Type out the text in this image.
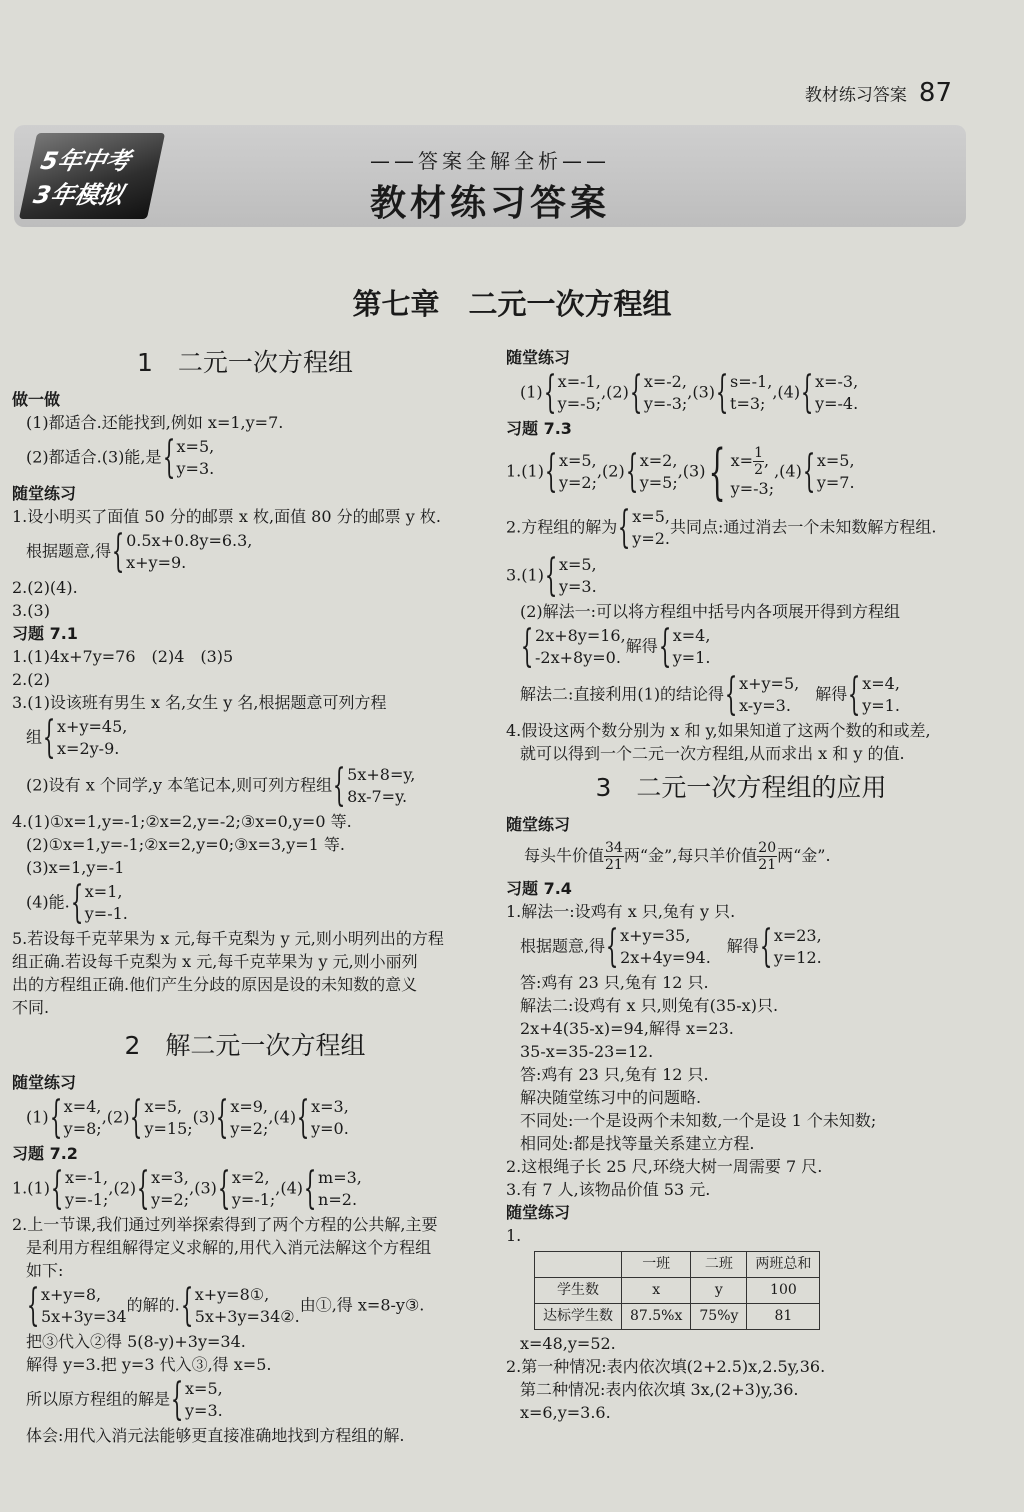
教材练习答案 87
5年中考
3年模拟
——答案全解全析——
教材练习答案
第七章　二元一次方程组
1　二元一次方程组
做一做
(1)都适合.还能找到,例如 x=1,y=7.
(2)都适合.(3)能,是 { x=5,
y=3.
随堂练习
1.设小明买了面值 50 分的邮票 x 枚,面值 80 分的邮票 y 枚.
根据题意,得 { 0.5x+0.8y=6.3,
x+y=9.
2.(2)(4).
3.(3)
习题 7.1
1.(1)4x+7y=76　(2)4　(3)5
2.(2)
3.(1)设该班有男生 x 名,女生 y 名,根据题意可列方程
组 { x+y=45,
x=2y-9.
(2)设有 x 个同学,y 本笔记本,则可列方程组 { 5x+8=y,
8x-7=y.
4.(1)①x=1,y=-1;②x=2,y=-2;③x=0,y=0 等.
(2)①x=1,y=-1;②x=2,y=0;③x=3,y=1 等.
(3)x=1,y=-1
(4)能. { x=1,
y=-1.
5.若设每千克苹果为 x 元,每千克梨为 y 元,则小明列出的方程
组正确.若设每千克梨为 x 元,每千克苹果为 y 元,则小丽列
出的方程组正确.他们产生分歧的原因是设的未知数的意义
不同.
2　解二元一次方程组
随堂练习
(1) { x=4,
y=8;
,(2) { x=5,
y=15;
(3) { x=9,
y=2;
,(4) { x=3,
y=0.
习题 7.2
1.(1) { x=-1,
y=-1;
,(2) { x=3,
y=2;
,(3) { x=2,
y=-1;
,(4) { m=3,
n=2.
2.上一节课,我们通过列举探索得到了两个方程的公共解,主要
是利用方程组解得定义求解的,用代入消元法解这个方程组
如下:
{ x+y=8,
5x+3y=34
的解的. { x+y=8①,
5x+3y=34②.
由①,得 x=8-y③.
把③代入②得 5(8-y)+3y=34.
解得 y=3.把 y=3 代入③,得 x=5.
所以原方程组的解是 { x=5,
y=3.
体会:用代入消元法能够更直接准确地找到方程组的解.
随堂练习
(1) { x=-1,
y=-5;
,(2) { x=-2,
y=-3;
,(3) { s=-1,
t=3;
,(4) { x=-3,
y=-4.
习题 7.3
1.(1) { x=5,
y=2;
,(2) { x=2,
y=5;
,(3) { $x= \frac{1}{2}$ ,
y=-3;
,(4) { x=5,
y=7.
2.方程组的解为 { x=5,
y=2.
共同点:通过消去一个未知数解方程组.
3.(1) { x=5,
y=3.
(2)解法一:可以将方程组中括号内各项展开得到方程组
{ 2x+8y=16,
-2x+8y=0.
解得 { x=4,
y=1.
解法二:直接利用(1)的结论得 { x+y=5,
x-y=3.
　解得 { x=4,
y=1.
4.假设这两个数分别为 x 和 y,如果知道了这两个数的和或差,
就可以得到一个二元一次方程组,从而求出 x 和 y 的值.
3　二元一次方程组的应用
随堂练习
每头牛价值 $\frac{34}{21}$ 两“金”,每只羊价值 $\frac{20}{21}$ 两“金”.
习题 7.4
1.解法一:设鸡有 x 只,兔有 y 只.
根据题意,得 { x+y=35,
2x+4y=94.
　解得 { x=23,
y=12.
答:鸡有 23 只,兔有 12 只.
解法二:设鸡有 x 只,则兔有(35-x)只.
2x+4(35-x)=94,解得 x=23.
35-x=35-23=12.
答:鸡有 23 只,兔有 12 只.
解决随堂练习中的问题略.
不同处:一个是设两个未知数,一个是设 1 个未知数;
相同处:都是找等量关系建立方程.
2.这根绳子长 25 尺,环绕大树一周需要 7 尺.
3.有 7 人,该物品价值 53 元.
随堂练习
1.
	一班	二班	两班总和
学生数	x	y	100
达标学生数	87.5%x	75%y	81
x=48,y=52.
2.第一种情况:表内依次填(2+2.5)x,2.5y,36.
第二种情况:表内依次填 3x,(2+3)y,36.
x=6,y=3.6.
